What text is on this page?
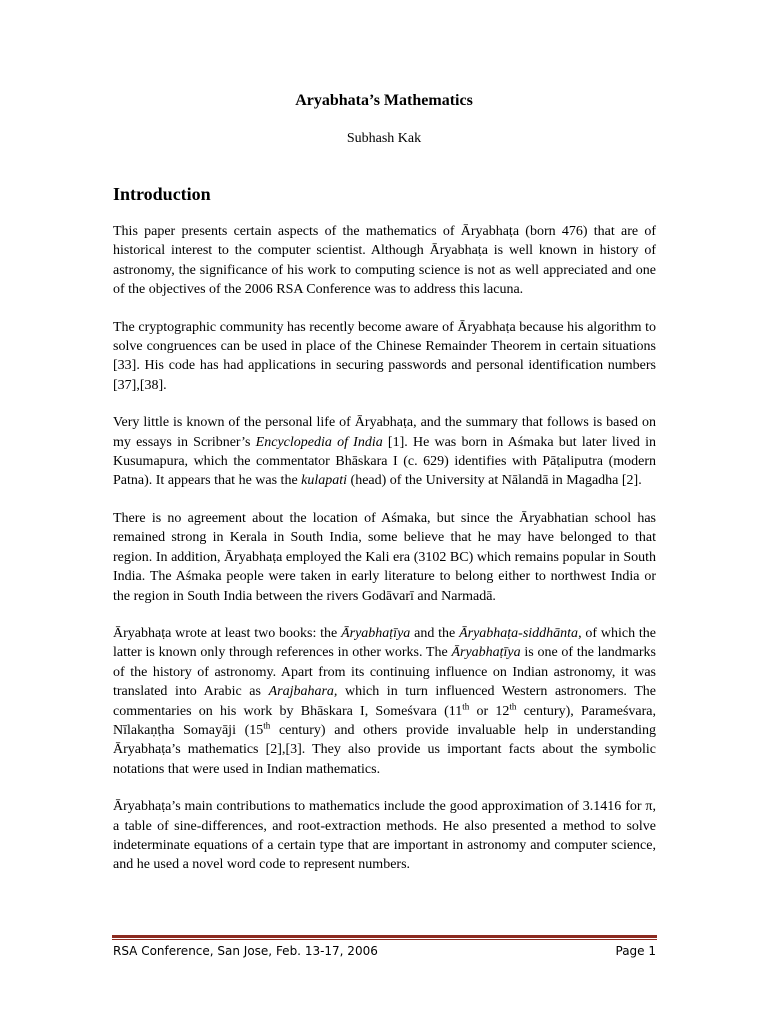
Aryabhata’s Mathematics

Subhash Kak

Introduction

This paper presents certain aspects of the mathematics of Āryabhaṭa (born 476) that are of historical interest to the computer scientist. Although Āryabhaṭa is well known in history of astronomy, the significance of his work to computing science is not as well appreciated and one of the objectives of the 2006 RSA Conference was to address this lacuna.

The cryptographic community has recently become aware of Āryabhaṭa because his algorithm to solve congruences can be used in place of the Chinese Remainder Theorem in certain situations [33]. His code has had applications in securing passwords and personal identification numbers [37],[38].

Very little is known of the personal life of Āryabhaṭa, and the summary that follows is based on my essays in Scribner’s Encyclopedia of India [1]. He was born in Aśmaka but later lived in Kusumapura, which the commentator Bhāskara I (c. 629) identifies with Pāṭaliputra (modern Patna). It appears that he was the kulapati (head) of the University at Nālandā in Magadha [2].

There is no agreement about the location of Aśmaka, but since the Āryabhatian school has remained strong in Kerala in South India, some believe that he may have belonged to that region. In addition, Āryabhaṭa employed the Kali era (3102 BC) which remains popular in South India. The Aśmaka people were taken in early literature to belong either to northwest India or the region in South India between the rivers Godāvarī and Narmadā.

Āryabhaṭa wrote at least two books: the Āryabhaṭīya and the Āryabhaṭa-siddhānta, of which the latter is known only through references in other works. The Āryabhaṭīya is one of the landmarks of the history of astronomy. Apart from its continuing influence on Indian astronomy, it was translated into Arabic as Arajbahara, which in turn influenced Western astronomers. The commentaries on his work by Bhāskara I, Someśvara (11th or 12th century), Parameśvara, Nīlakaṇṭha Somayāji (15th century) and others provide invaluable help in understanding Āryabhaṭa’s mathematics [2],[3]. They also provide us important facts about the symbolic notations that were used in Indian mathematics.

Āryabhaṭa’s main contributions to mathematics include the good approximation of 3.1416 for π, a table of sine-differences, and root-extraction methods. He also presented a method to solve indeterminate equations of a certain type that are important in astronomy and computer science, and he used a novel word code to represent numbers.

RSA Conference, San Jose, Feb. 13-17, 2006	Page 1
